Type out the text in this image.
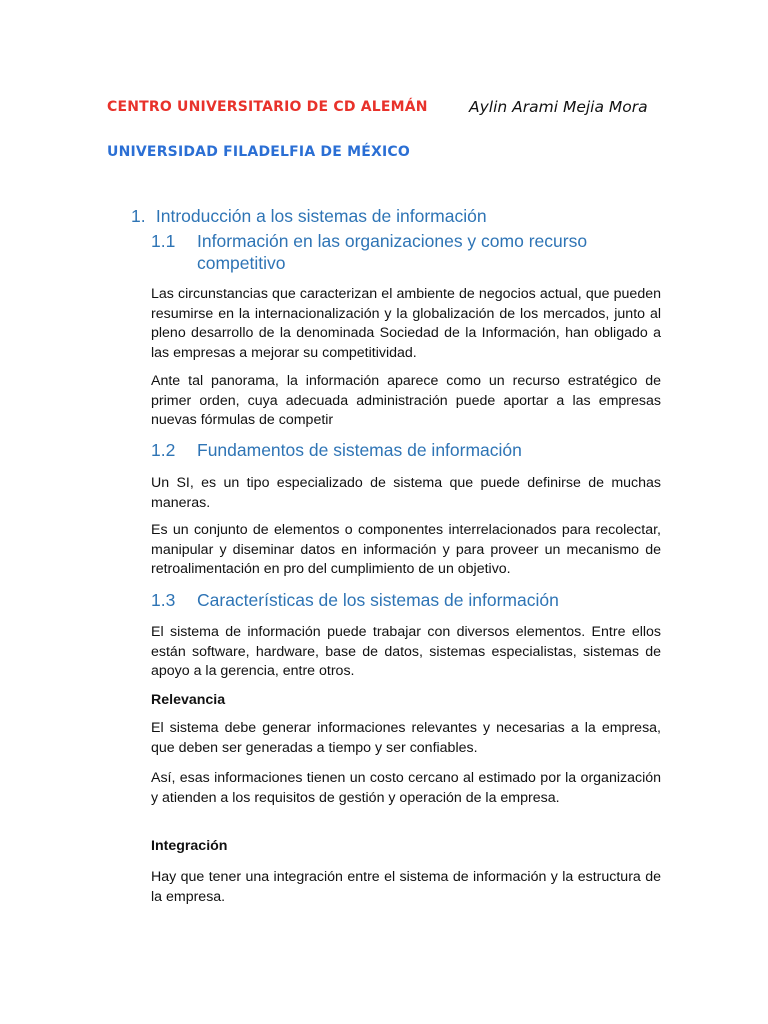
CENTRO UNIVERSITARIO DE CD ALEMÁN	Aylin Arami Mejia Mora
UNIVERSIDAD FILADELFIA DE MÉXICO
1. Introducción a los sistemas de información
1.1 Información en las organizaciones y como recurso competitivo
Las circunstancias que caracterizan el ambiente de negocios actual, que pueden resumirse en la internacionalización y la globalización de los mercados, junto al pleno desarrollo de la denominada Sociedad de la Información, han obligado a las empresas a mejorar su competitividad.
Ante tal panorama, la información aparece como un recurso estratégico de primer orden, cuya adecuada administración puede aportar a las empresas nuevas fórmulas de competir
1.2 Fundamentos de sistemas de información
Un SI, es un tipo especializado de sistema que puede definirse de muchas maneras.
Es un conjunto de elementos o componentes interrelacionados para recolectar, manipular y diseminar datos en información y para proveer un mecanismo de retroalimentación en pro del cumplimiento de un objetivo.
1.3 Características de los sistemas de información
El sistema de información puede trabajar con diversos elementos. Entre ellos están software, hardware, base de datos, sistemas especialistas, sistemas de apoyo a la gerencia, entre otros.
Relevancia
El sistema debe generar informaciones relevantes y necesarias a la empresa, que deben ser generadas a tiempo y ser confiables.
Así, esas informaciones tienen un costo cercano al estimado por la organización y atienden a los requisitos de gestión y operación de la empresa.
Integración
Hay que tener una integración entre el sistema de información y la estructura de la empresa.
